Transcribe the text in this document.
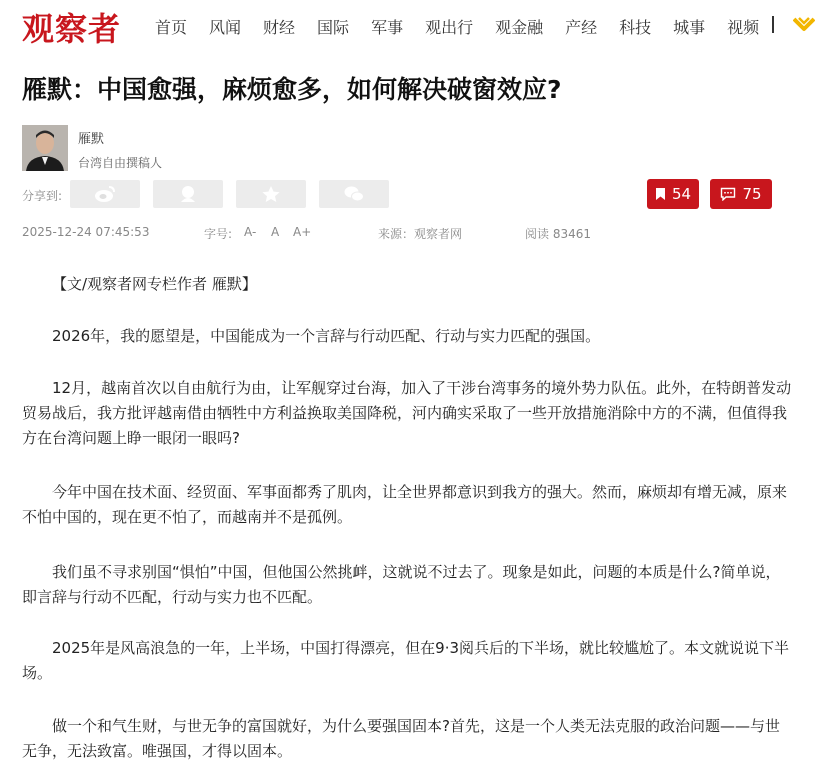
观察者 首页 风闻 财经 国际 军事 观出行 观金融 产经 科技 城事 视频
雁默：中国愈强，麻烦愈多，如何解决破窗效应?
雁默
台湾自由撰稿人
分享到:	54	75
2025-12-24 07:45:53	字号: A- A A+	来源：观察者网	阅读 83461

【文/观察者网专栏作者 雁默】

2026年，我的愿望是，中国能成为一个言辞与行动匹配、行动与实力匹配的强国。

12月，越南首次以自由航行为由，让军舰穿过台海，加入了干涉台湾事务的境外势力队伍。此外，在特朗普发动贸易战后，我方批评越南借由牺牲中方利益换取美国降税，河内确实采取了一些开放措施消除中方的不满，但值得我方在台湾问题上睁一眼闭一眼吗?

今年中国在技术面、经贸面、军事面都秀了肌肉，让全世界都意识到我方的强大。然而，麻烦却有增无减，原来不怕中国的，现在更不怕了，而越南并不是孤例。

我们虽不寻求别国“惧怕”中国，但他国公然挑衅，这就说不过去了。现象是如此，问题的本质是什么?简单说，即言辞与行动不匹配，行动与实力也不匹配。

2025年是风高浪急的一年，上半场，中国打得漂亮，但在9·3阅兵后的下半场，就比较尴尬了。本文就说说下半场。

做一个和气生财，与世无争的富国就好，为什么要强国固本?首先，这是一个人类无法克服的政治问题——与世无争，无法致富。唯强国，才得以固本。
